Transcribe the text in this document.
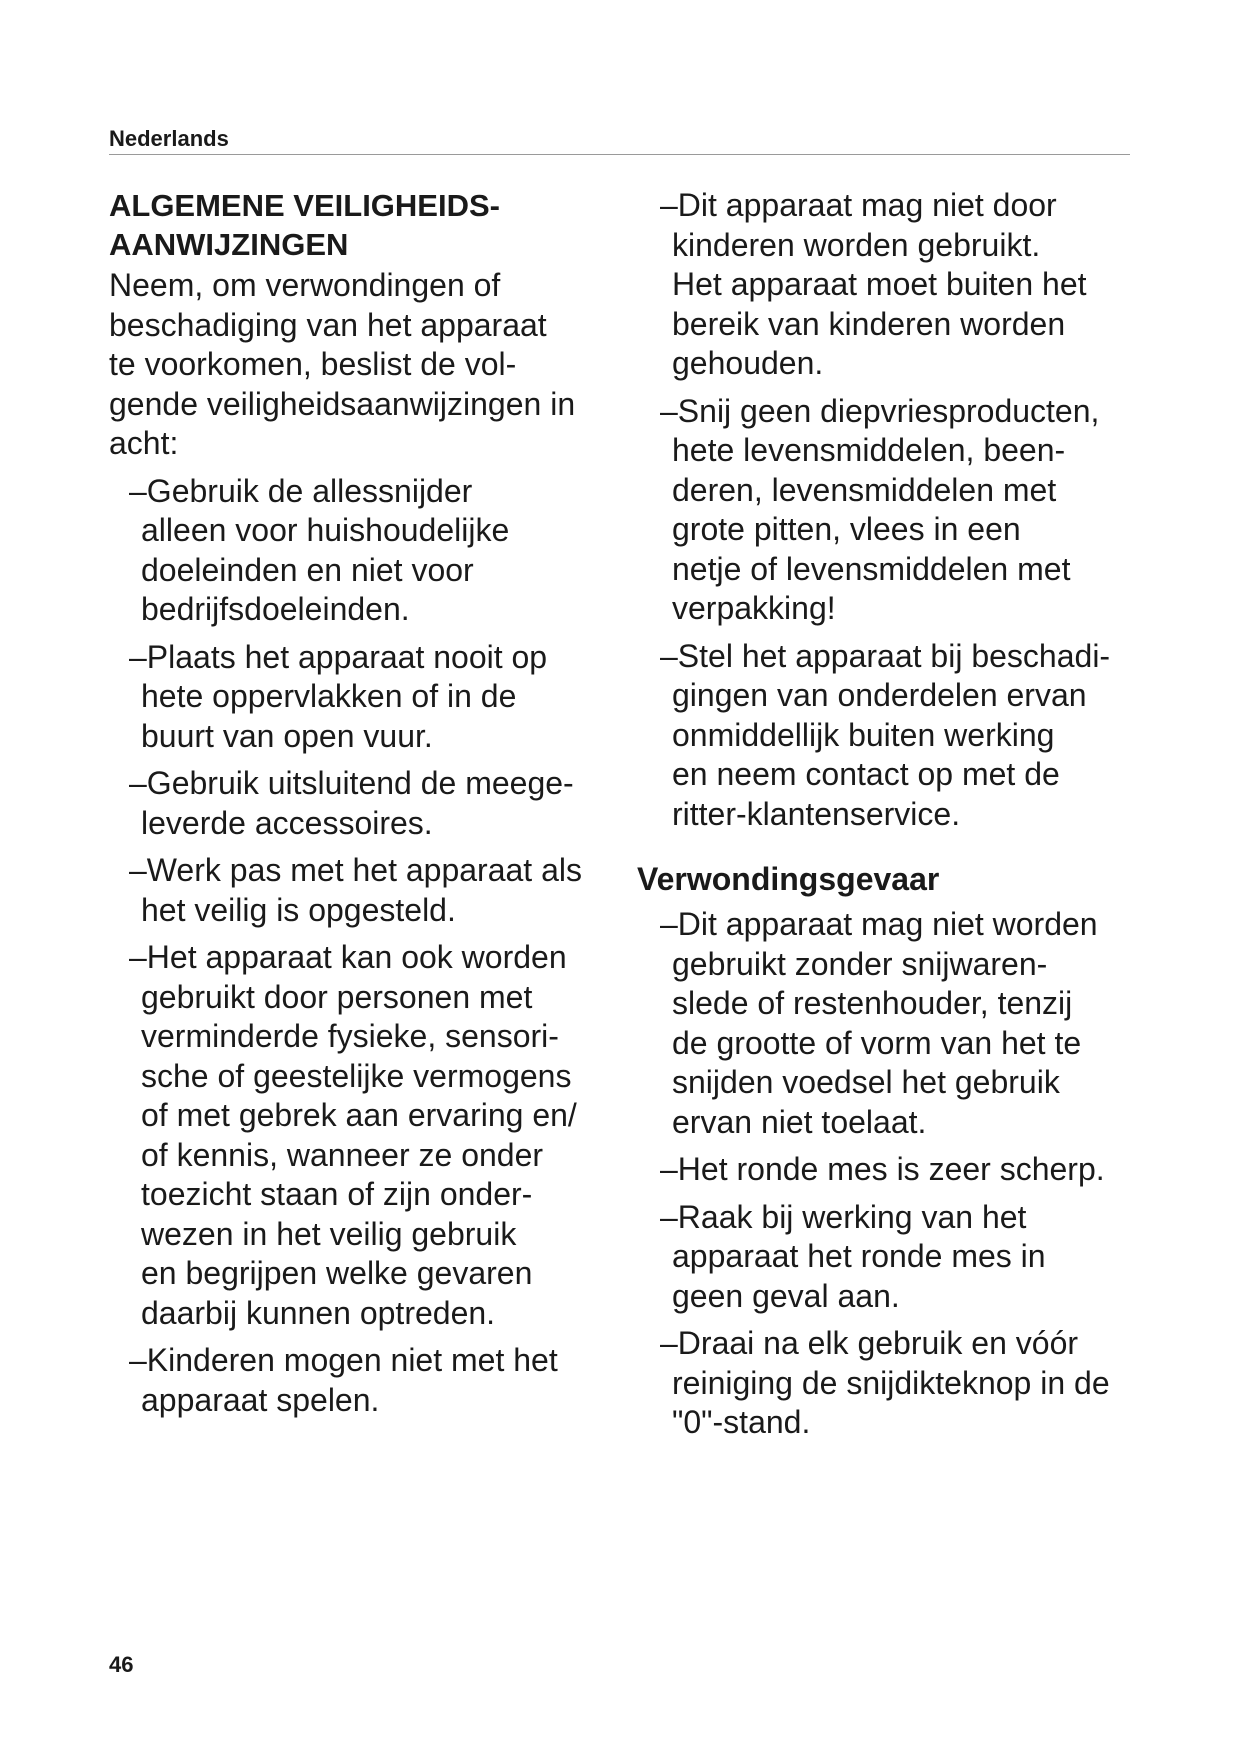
Nederlands
ALGEMENE VEILIGHEIDS-
AANWIJZINGEN

Neem, om verwondingen of
beschadiging van het apparaat
te voorkomen, beslist de vol-
gende veiligheidsaanwijzingen in
acht:

–Gebruik de allessnijder
alleen voor huishoudelijke
doeleinden en niet voor
bedrijfsdoeleinden.
–Plaats het apparaat nooit op
hete oppervlakken of in de
buurt van open vuur.
–Gebruik uitsluitend de meege-
leverde accessoires.
–Werk pas met het apparaat als
het veilig is opgesteld.
–Het apparaat kan ook worden
gebruikt door personen met
verminderde fysieke, sensori-
sche of geestelijke vermogens
of met gebrek aan ervaring en/
of kennis, wanneer ze onder
toezicht staan of zijn onder-
wezen in het veilig gebruik
en begrijpen welke gevaren
daarbij kunnen optreden.
–Kinderen mogen niet met het
apparaat spelen.
–Dit apparaat mag niet door
kinderen worden gebruikt.
Het apparaat moet buiten het
bereik van kinderen worden
gehouden.
–Snij geen diepvriesproducten,
hete levensmiddelen, been-
deren, levensmiddelen met
grote pitten, vlees in een
netje of levensmiddelen met
verpakking!
–Stel het apparaat bij beschadi-
gingen van onderdelen ervan
onmiddellijk buiten werking
en neem contact op met de
ritter-klantenservice.
Verwondingsgevaar
–Dit apparaat mag niet worden
gebruikt zonder snijwaren-
slede of restenhouder, tenzij
de grootte of vorm van het te
snijden voedsel het gebruik
ervan niet toelaat.
–Het ronde mes is zeer scherp.
–Raak bij werking van het
apparaat het ronde mes in
geen geval aan.
–Draai na elk gebruik en vóór
reiniging de snijdikteknop in de
"0"-stand.
46
